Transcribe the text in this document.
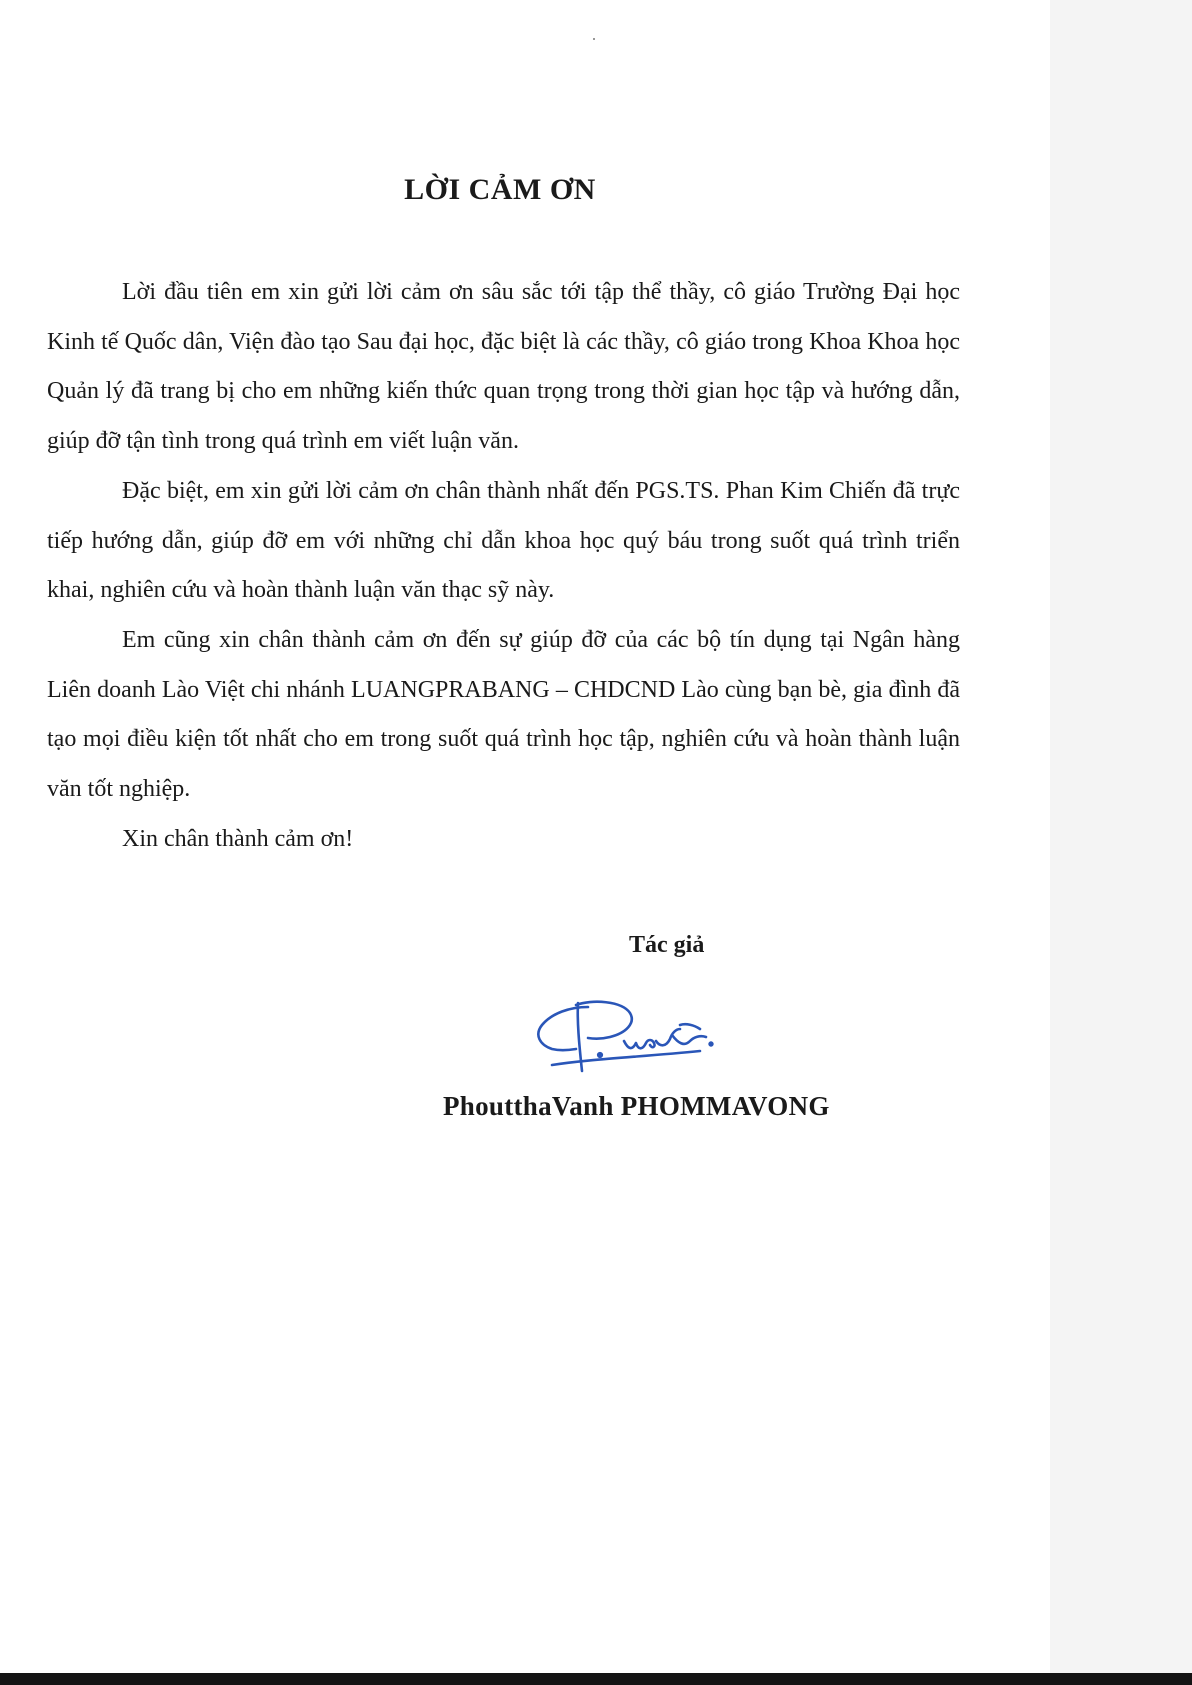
LỜI CẢM ƠN

Lời đầu tiên em xin gửi lời cảm ơn sâu sắc tới tập thể thầy, cô giáo Trường Đại học Kinh tế Quốc dân, Viện đào tạo Sau đại học, đặc biệt là các thầy, cô giáo trong Khoa Khoa học Quản lý đã trang bị cho em những kiến thức quan trọng trong thời gian học tập và hướng dẫn, giúp đỡ tận tình trong quá trình em viết luận văn.

Đặc biệt, em xin gửi lời cảm ơn chân thành nhất đến PGS.TS. Phan Kim Chiến đã trực tiếp hướng dẫn, giúp đỡ em với những chỉ dẫn khoa học quý báu trong suốt quá trình triển khai, nghiên cứu và hoàn thành luận văn thạc sỹ này.

Em cũng xin chân thành cảm ơn đến sự giúp đỡ của các bộ tín dụng tại Ngân hàng Liên doanh Lào Việt chi nhánh LUANGPRABANG – CHDCND Lào cùng bạn bè, gia đình đã tạo mọi điều kiện tốt nhất cho em trong suốt quá trình học tập, nghiên cứu và hoàn thành luận văn tốt nghiệp.

Xin chân thành cảm ơn!

Tác giả
PhoutthaVanh PHOMMAVONG
